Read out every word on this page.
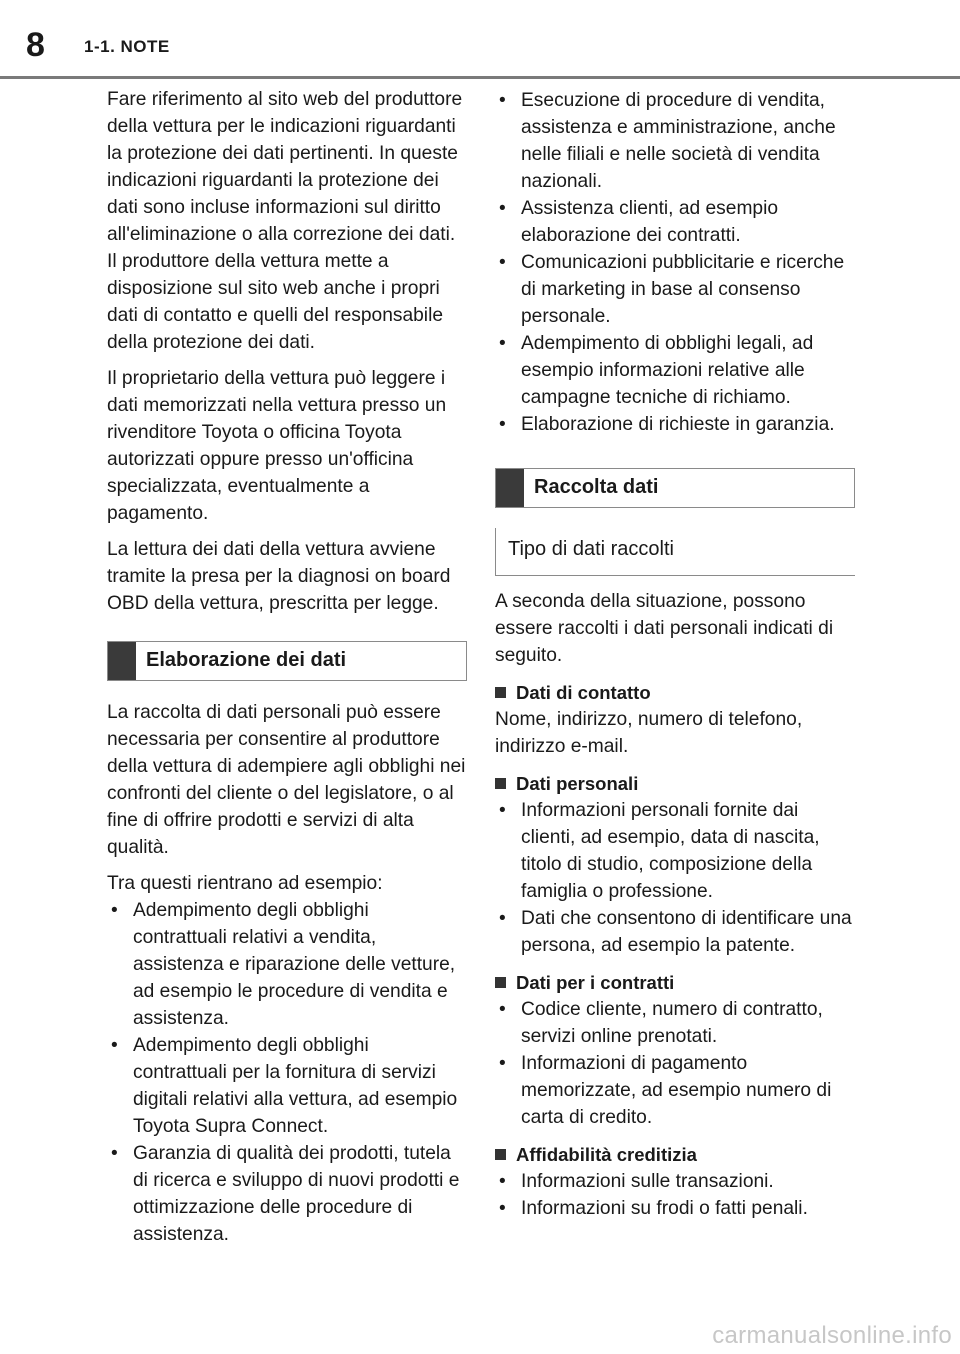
8 1-1. NOTE

Fare riferimento al sito web del produttore della vettura per le indicazioni riguardanti la protezione dei dati pertinenti. In queste indicazioni riguardanti la protezione dei dati sono incluse informazioni sul diritto all'eliminazione o alla correzione dei dati. Il produttore della vettura mette a disposizione sul sito web anche i propri dati di contatto e quelli del responsabile della protezione dei dati.

Il proprietario della vettura può leggere i dati memorizzati nella vettura presso un rivenditore Toyota o officina Toyota autorizzati oppure presso un'officina specializzata, eventualmente a pagamento.

La lettura dei dati della vettura avviene tramite la presa per la diagnosi on board OBD della vettura, prescritta per legge.

Elaborazione dei dati

La raccolta di dati personali può essere necessaria per consentire al produttore della vettura di adempiere agli obblighi nei confronti del cliente o del legislatore, o al fine di offrire prodotti e servizi di alta qualità.

Tra questi rientrano ad esempio:

• Adempimento degli obblighi contrattuali relativi a vendita, assistenza e riparazione delle vetture, ad esempio le procedure di vendita e assistenza.
• Adempimento degli obblighi contrattuali per la fornitura di servizi digitali relativi alla vettura, ad esempio Toyota Supra Connect.
• Garanzia di qualità dei prodotti, tutela di ricerca e sviluppo di nuovi prodotti e ottimizzazione delle procedure di assistenza.
• Esecuzione di procedure di vendita, assistenza e amministrazione, anche nelle filiali e nelle società di vendita nazionali.
• Assistenza clienti, ad esempio elaborazione dei contratti.
• Comunicazioni pubblicitarie e ricerche di marketing in base al consenso personale.
• Adempimento di obblighi legali, ad esempio informazioni relative alle campagne tecniche di richiamo.
• Elaborazione di richieste in garanzia.
Raccolta dati
Tipo di dati raccolti

A seconda della situazione, possono essere raccolti i dati personali indicati di seguito.

Dati di contatto

Nome, indirizzo, numero di telefono, indirizzo e-mail.

Dati personali

• Informazioni personali fornite dai clienti, ad esempio, data di nascita, titolo di studio, composizione della famiglia o professione.
• Dati che consentono di identificare una persona, ad esempio la patente.

Dati per i contratti

• Codice cliente, numero di contratto, servizi online prenotati.
• Informazioni di pagamento memorizzate, ad esempio numero di carta di credito.

Affidabilità creditizia

• Informazioni sulle transazioni.
• Informazioni su frodi o fatti penali.
carmanualsonline.info
